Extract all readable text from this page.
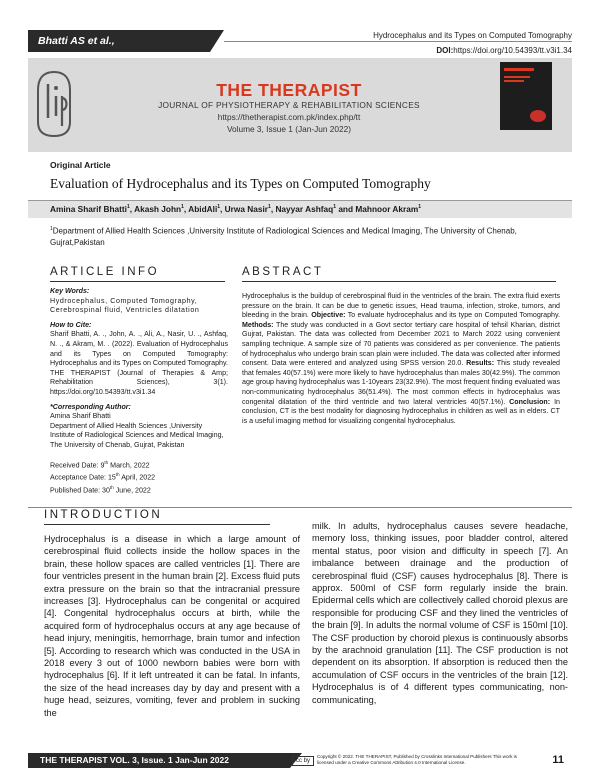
Bhatti AS et al.,	Hydrocephalus and its Types on Computed Tomography
DOI:https://doi.org/10.54393/tt.v3i1.34
THE THERAPIST
JOURNAL OF PHYSIOTHERAPY & REHABILITATION SCIENCES
https://thetherapist.com.pk/index.php/tt
Volume 3, Issue 1 (Jan-Jun 2022)
Original Article
Evaluation of Hydrocephalus and its Types on Computed Tomography
Amina Sharif Bhatti$^1$, Akash John$^1$, AbidAli$^1$, Urwa Nasir$^1$, Nayyar Ashfaq$^1$ and Mahnoor Akram$^1$
$^1$Department of Allied Health Sciences ,University Institute of Radiological Sciences and Medical Imaging, The University of Chenab, Gujrat,Pakistan
ARTICLE INFO	ABSTRACT
Key Words:

Hydrocephalus, Computed Tomography, Cerebrospinal fluid, Ventricles dilatation

How to Cite:

Sharif Bhatti, A. ., John, A. ., Ali, A., Nasir, U. ., Ashfaq, N. ., & Akram, M. . (2022). Evaluation of Hydrocephalus and its Types on Computed Tomography: Hydrocephalus and its Types on Computed Tomography. THE THERAPIST (Journal of Therapies & Amp; Rehabilitation Sciences), 3(1). https://doi.org/10.54393/tt.v3i1.34

*Corresponding Author:

Amina Sharif Bhatti

Department of Allied Health Sciences ,University Institute of Radiological Sciences and Medical Imaging, The University of Chenab, Gujrat, Pakistan

Received Date: 9th March, 2022

Acceptance Date: 15th April, 2022

Published Date: 30th June, 2022

Hydrocephalus is the buildup of cerebrospinal fluid in the ventricles of the brain. The extra fluid exerts pressure on the brain. It can be due to genetic issues, Head trauma, infection, stroke, tumors, and bleeding in the brain. Objective: To evaluate hydrocephalus and its type on Computed Tomography. Methods: The study was conducted in a Govt sector tertiary care hospital of tehsil Kharian, district Gujrat, Pakistan. The data was collected from December 2021 to March 2022 using convenient sampling technique. A sample size of 70 patients was considered as per convenience. The patients of hydrocephalus who undergo brain scan plain were included. The data was collected after informed consent. Data were entered and analyzed using SPSS version 20.0. Results: This study revealed that females 40(57.1%) were more likely to have hydrocephalus than males 30(42.9%). The common age group having hydrocephalus was 1-10years 23(32.9%). The most frequent finding evaluated was non-communicating hydrocephalus 36(51.4%). The most common effects in hydrocephalus was congenital dilatation of the third ventricle and two lateral ventricles 40(57.1%). Conclusion: In conclusion, CT is the best modality for diagnosing hydrocephalus in children as well as in elders. CT is a useful imaging method for visualizing congenital hydrocephalus.
INTRODUCTION
Hydrocephalus is a disease in which a large amount of cerebrospinal fluid collects inside the hollow spaces in the brain, these hollow spaces are called ventricles [1]. There are four ventricles present in the human brain [2]. Excess fluid puts extra pressure on the brain so that the intracranial pressure increases [3]. Hydrocephalus can be congenital or acquired [4]. Congenital hydrocephalus occurs at birth, while the acquired form of hydrocephalus occurs at any age because of head injury, meningitis, hemorrhage, brain tumor and infection [5]. According to research which was conducted in the USA in 2018 every 3 out of 1000 newborn babies were born with hydrocephalus [6]. If it left untreated it can be fatal. In infants, the size of the head increases day by day and present with a huge head, seizures, vomiting, fever and problem in sucking the
milk. In adults, hydrocephalus causes severe headache, memory loss, thinking issues, poor bladder control, altered mental status, poor vision and difficulty in speech [7]. An imbalance between drainage and the production of cerebrospinal fluid (CSF) causes hydrocephalus [8]. There is approx. 500ml of CSF form regularly inside the brain. Epidermal cells which are collectively called choroid plexus are responsible for producing CSF and they lined the ventricles of the brain [9]. In adults the normal volume of CSF is 150ml [10]. The CSF production by choroid plexus is continuously absorbs by the arachnoid granulation [11]. The CSF production is not dependent on its absorption. If absorption is reduced then the accumulation of CSF occurs in the ventricles of the brain [12]. Hydrocephalus is of 4 different types communicating, non-communicating,
THE THERAPIST VOL. 3, Issue. 1 Jan-Jun 2022	cc by
Copyright © 2022. THE THERAPIST, Published by Crosslinks International Publishers This work is licensed under a Creative Commons Attribution 4.0 International License.	11
